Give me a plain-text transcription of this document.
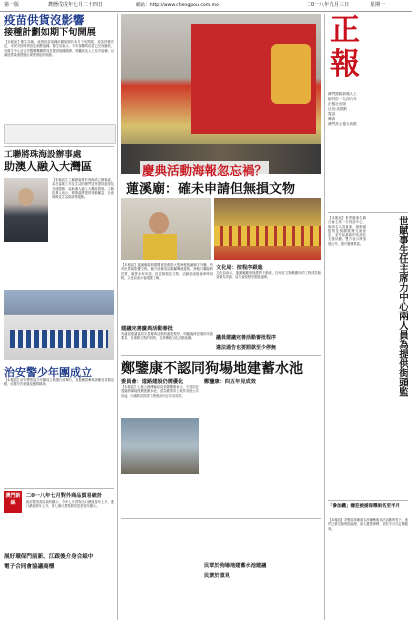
第一版	農曆戊戌年七月二十四日	網站：http://www.chengpou.com.mo	二0一八年九月三日	星期一
疫苗供貨沒影響
接種計劃如期下旬開展
【本報訊】衛生局稱，流感疫苗接種計劃如期於本月下旬開展，疫苗供應充足，市民可按時到指定地點接種。衛生局表示，今年採購的疫苗已完成驗收，各衛生中心及合作醫療機構將同步提供接種服務，呼籲高危人士及早接種，以減低感染流感後出現併發症的風險。
工聯將珠海設辦事處
助澳人融入大灣區
【本報訊】工聯總會將於珠海設立辦事處，為在當地工作及生活的澳門居民提供諮詢及支援服務，協助澳人融入大灣區發展。工聯負責人表示，辦事處將提供勞動權益、社會保障及生活資訊等服務。
治安警少年團成立
【本報訊】治安警察局少年團成立典禮日前舉行，首批團員參與訓練及各類活動，培養守法意識及團隊精神。
澳門新絲
二0一八年七月對外商品貿易統計
統計暨普查局資料顯示，今年七月貨物出口總值按年上升，進口總值按年上升，首七個月貨物貿易逆差按年擴大。
展好環保門前新、江跟後介身合組中
電子合同會協議商標
慶典活動海報忽忘禍？
蓮溪廟：確未申請但無損文物
【本報訊】蓮溪廟慶典期間被指張貼大型海報遮蔽廟宇外牆，有市民質疑影響文物。廟方回應指活動屬傳統慶典，海報只屬臨時性質，確實未有申請，但並無損及文物，活動結束後會即時拆除。文化局表示會跟進了解。
建議完善慶典活動審批
有議員建議當局完善慶典活動的審批程序，明確臨時設施的申請要求，在保障文物的同時，支持傳統文化活動延續。
文化局：按程序跟進
文化局表示，蓮溪廟屬受保護的不動產，任何在文物範圍內的工程或設施須事先申請，局方會按程序跟進處理。
議員建議完善活動審批程序
違法通告也要罰款至少停無
鄭鑒康不認同狗場地建蓄水池
委員會：道路建設仍需優化
【本報訊】土地公務運輸局局長鄭鑒康表示，不認同在逸園狗場地段興建蓄水池，認為應善用土地作其他公共用途，內港防洪排澇工程預計四五年見成效。
鄭鑒康：四五年見成效
民眾於狗場地建蓄水池建議
民衆於意見
正
報
澳門國際新聞人士
創刊於一九四六年
正報社出版
社長:高國鈞
電話
傳真
澳門高士德大馬路
【本報訊】世界賦事生聯合會主席一行到訪中心，與兩名人員會面，就街頭監察及相關服務交流意見，並介紹最新的培訓及支援計劃。雙方表示將加強合作，提升服務質素。	世賦事生任主席力中心兩人員為提供街頭監
「參加鐵」嫌犯被捕保釋兩名至半月
【本報訊】司警局拘捕兩名涉嫌參與非法活動的男子，案件已移交檢察院處理，兩人獲准保釋，須於半月內定期報到。
